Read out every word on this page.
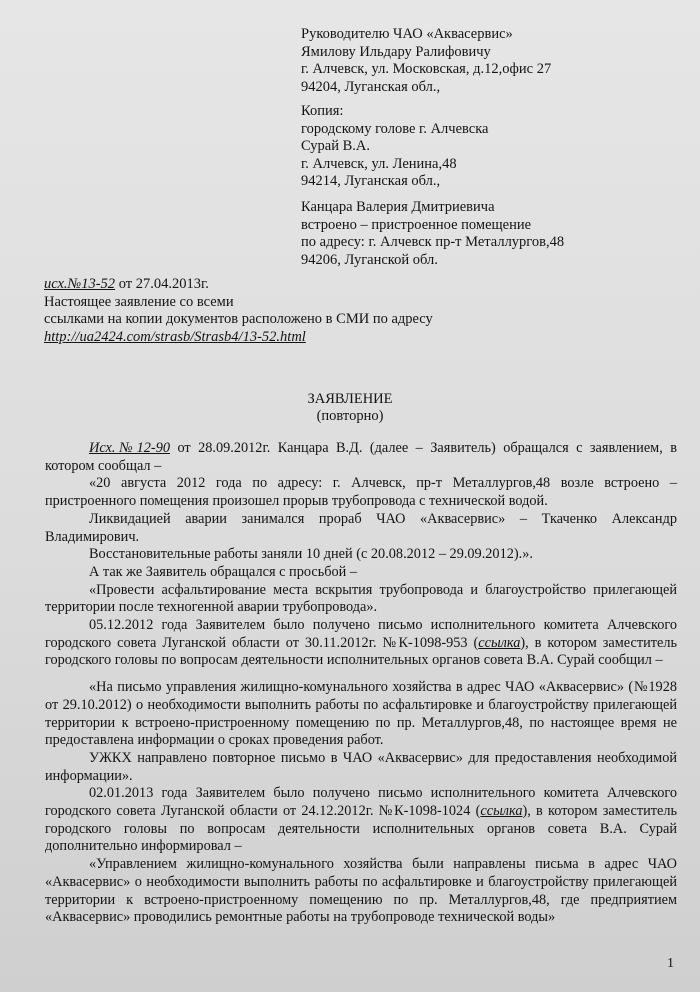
Руководителю ЧАО «Аквасервис»
Ямилову Ильдару Ралифовичу
г. Алчевск, ул. Московская, д.12,офис 27
94204, Луганская обл.,
Копия:
городскому голове г. Алчевска
Сурай В.А.
г. Алчевск, ул. Ленина,48
94214, Луганская обл.,
Канцара Валерия Дмитриевича
встроено – пристроенное помещение
по адресу: г. Алчевск пр-т Металлургов,48
94206, Луганской обл.
исх.№13-52 от 27.04.2013г.
Настоящее заявление со всеми
ссылками на копии документов расположено в СМИ по адресу
http://ua2424.com/strasb/Strasb4/13-52.html
ЗАЯВЛЕНИЕ
(повторно)

Исх.№12-90 от 28.09.2012г. Канцара В.Д. (далее – Заявитель) обращался с заявлением, в котором сообщал –

«20 августа 2012 года по адресу: г. Алчевск, пр-т Металлургов,48 возле встроено – пристроенного помещения произошел прорыв трубопровода с технической водой.

Ликвидацией аварии занимался прораб ЧАО «Аквасервис» – Ткаченко Александр Владимирович.

Восстановительные работы заняли 10 дней (с 20.08.2012 – 29.09.2012).».

А так же Заявитель обращался с просьбой –

«Провести асфальтирование места вскрытия трубопровода и благоустройство прилегающей территории после техногенной аварии трубопровода».

05.12.2012 года Заявителем было получено письмо исполнительного комитета Алчевского городского совета Луганской области от 30.11.2012г. №К-1098-953 (ссылка), в котором заместитель городского головы по вопросам деятельности исполнительных органов совета В.А. Сурай сообщил –

«На письмо управления жилищно-комунального хозяйства в адрес ЧАО «Аквасервис» (№1928 от 29.10.2012) о необходимости выполнить работы по асфальтировке и благоустройству прилегающей территории к встроено-пристроенному помещению по пр. Металлургов,48, по настоящее время не предоставлена информации о сроках проведения работ.

УЖКХ направлено повторное письмо в ЧАО «Аквасервис» для предоставления необходимой информации».

02.01.2013 года Заявителем было получено письмо исполнительного комитета Алчевского городского совета Луганской области от 24.12.2012г. №К-1098-1024 (ссылка), в котором заместитель городского головы по вопросам деятельности исполнительных органов совета В.А. Сурай дополнительно информировал –

«Управлением жилищно-комунального хозяйства были направлены письма в адрес ЧАО «Аквасервис» о необходимости выполнить работы по асфальтировке и благоустройству прилегающей территории к встроено-пристроенному помещению по пр. Металлургов,48, где предприятием «Аквасервис» проводились ремонтные работы на трубопроводе технической воды»

1
